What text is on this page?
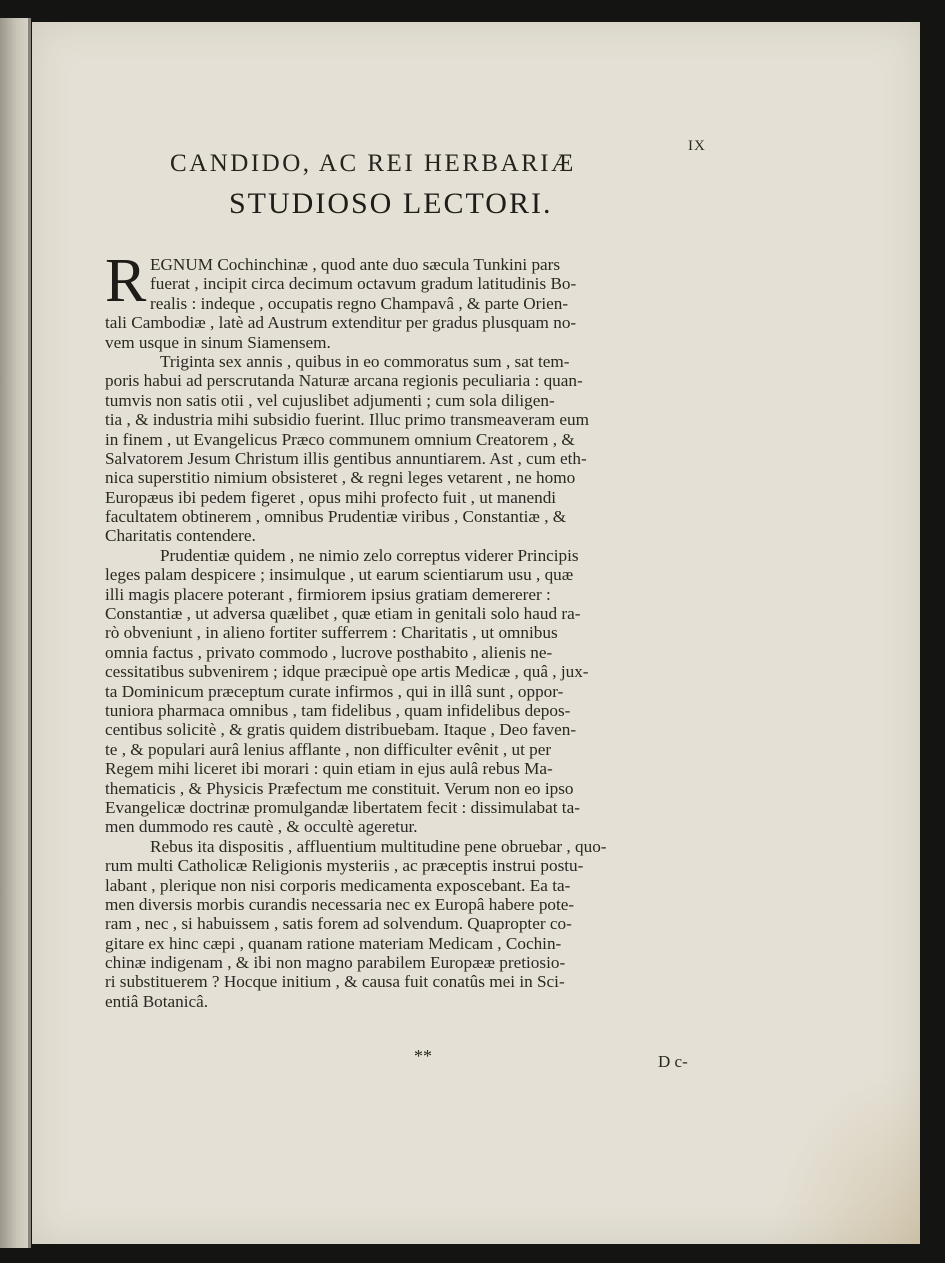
IX
CANDIDO, AC REI HERBARIÆ
STUDIOSO LECTORI.
R EGNUM Cochinchinæ , quod ante duo sæcula Tunkini pars
fuerat , incipit circa decimum octavum gradum latitudinis Bo-
realis : indeque , occupatis regno Champavâ , & parte Orien-
tali Cambodiæ , latè ad Austrum extenditur per gradus plusquam no-
vem usque in sinum Siamensem.
Triginta sex annis , quibus in eo commoratus sum , sat tem-
poris habui ad perscrutanda Naturæ arcana regionis peculiaria : quan-
tumvis non satis otii , vel cujuslibet adjumenti ; cum sola diligen-
tia , & industria mihi subsidio fuerint. Illuc primo transmeaveram eum
in finem , ut Evangelicus Præco communem omnium Creatorem , &
Salvatorem Jesum Christum illis gentibus annuntiarem. Ast , cum eth-
nica superstitio nimium obsisteret , & regni leges vetarent , ne homo
Europæus ibi pedem figeret , opus mihi profecto fuit , ut manendi
facultatem obtinerem , omnibus Prudentiæ viribus , Constantiæ , &
Charitatis contendere.
Prudentiæ quidem , ne nimio zelo correptus viderer Principis
leges palam despicere ; insimulque , ut earum scientiarum usu , quæ
illi magis placere poterant , firmiorem ipsius gratiam demererer :
Constantiæ , ut adversa quælibet , quæ etiam in genitali solo haud ra-
rò obveniunt , in alieno fortiter sufferrem : Charitatis , ut omnibus
omnia factus , privato commodo , lucrove posthabito , alienis ne-
cessitatibus subvenirem ; idque præcipuè ope artis Medicæ , quâ , jux-
ta Dominicum præceptum curate infirmos , qui in illâ sunt , oppor-
tuniora pharmaca omnibus , tam fidelibus , quam infidelibus depos-
centibus solicitè , & gratis quidem distribuebam. Itaque , Deo faven-
te , & populari aurâ lenius afflante , non difficulter evênit , ut per
Regem mihi liceret ibi morari : quin etiam in ejus aulâ rebus Ma-
thematicis , & Physicis Præfectum me constituit. Verum non eo ipso
Evangelicæ doctrinæ promulgandæ libertatem fecit : dissimulabat ta-
men dummodo res cautè , & occultè ageretur.
Rebus ita dispositis , affluentium multitudine pene obruebar , quo-
rum multi Catholicæ Religionis mysteriis , ac præceptis instrui postu-
labant , plerique non nisi corporis medicamenta exposcebant. Ea ta-
men diversis morbis curandis necessaria nec ex Europâ habere pote-
ram , nec , si habuissem , satis forem ad solvendum. Quapropter co-
gitare ex hinc cæpi , quanam ratione materiam Medicam , Cochin-
chinæ indigenam , & ibi non magno parabilem Europææ pretiosio-
ri substituerem ? Hocque initium , & causa fuit conatûs mei in Sci-
entiâ Botanicâ.
**	D c-
